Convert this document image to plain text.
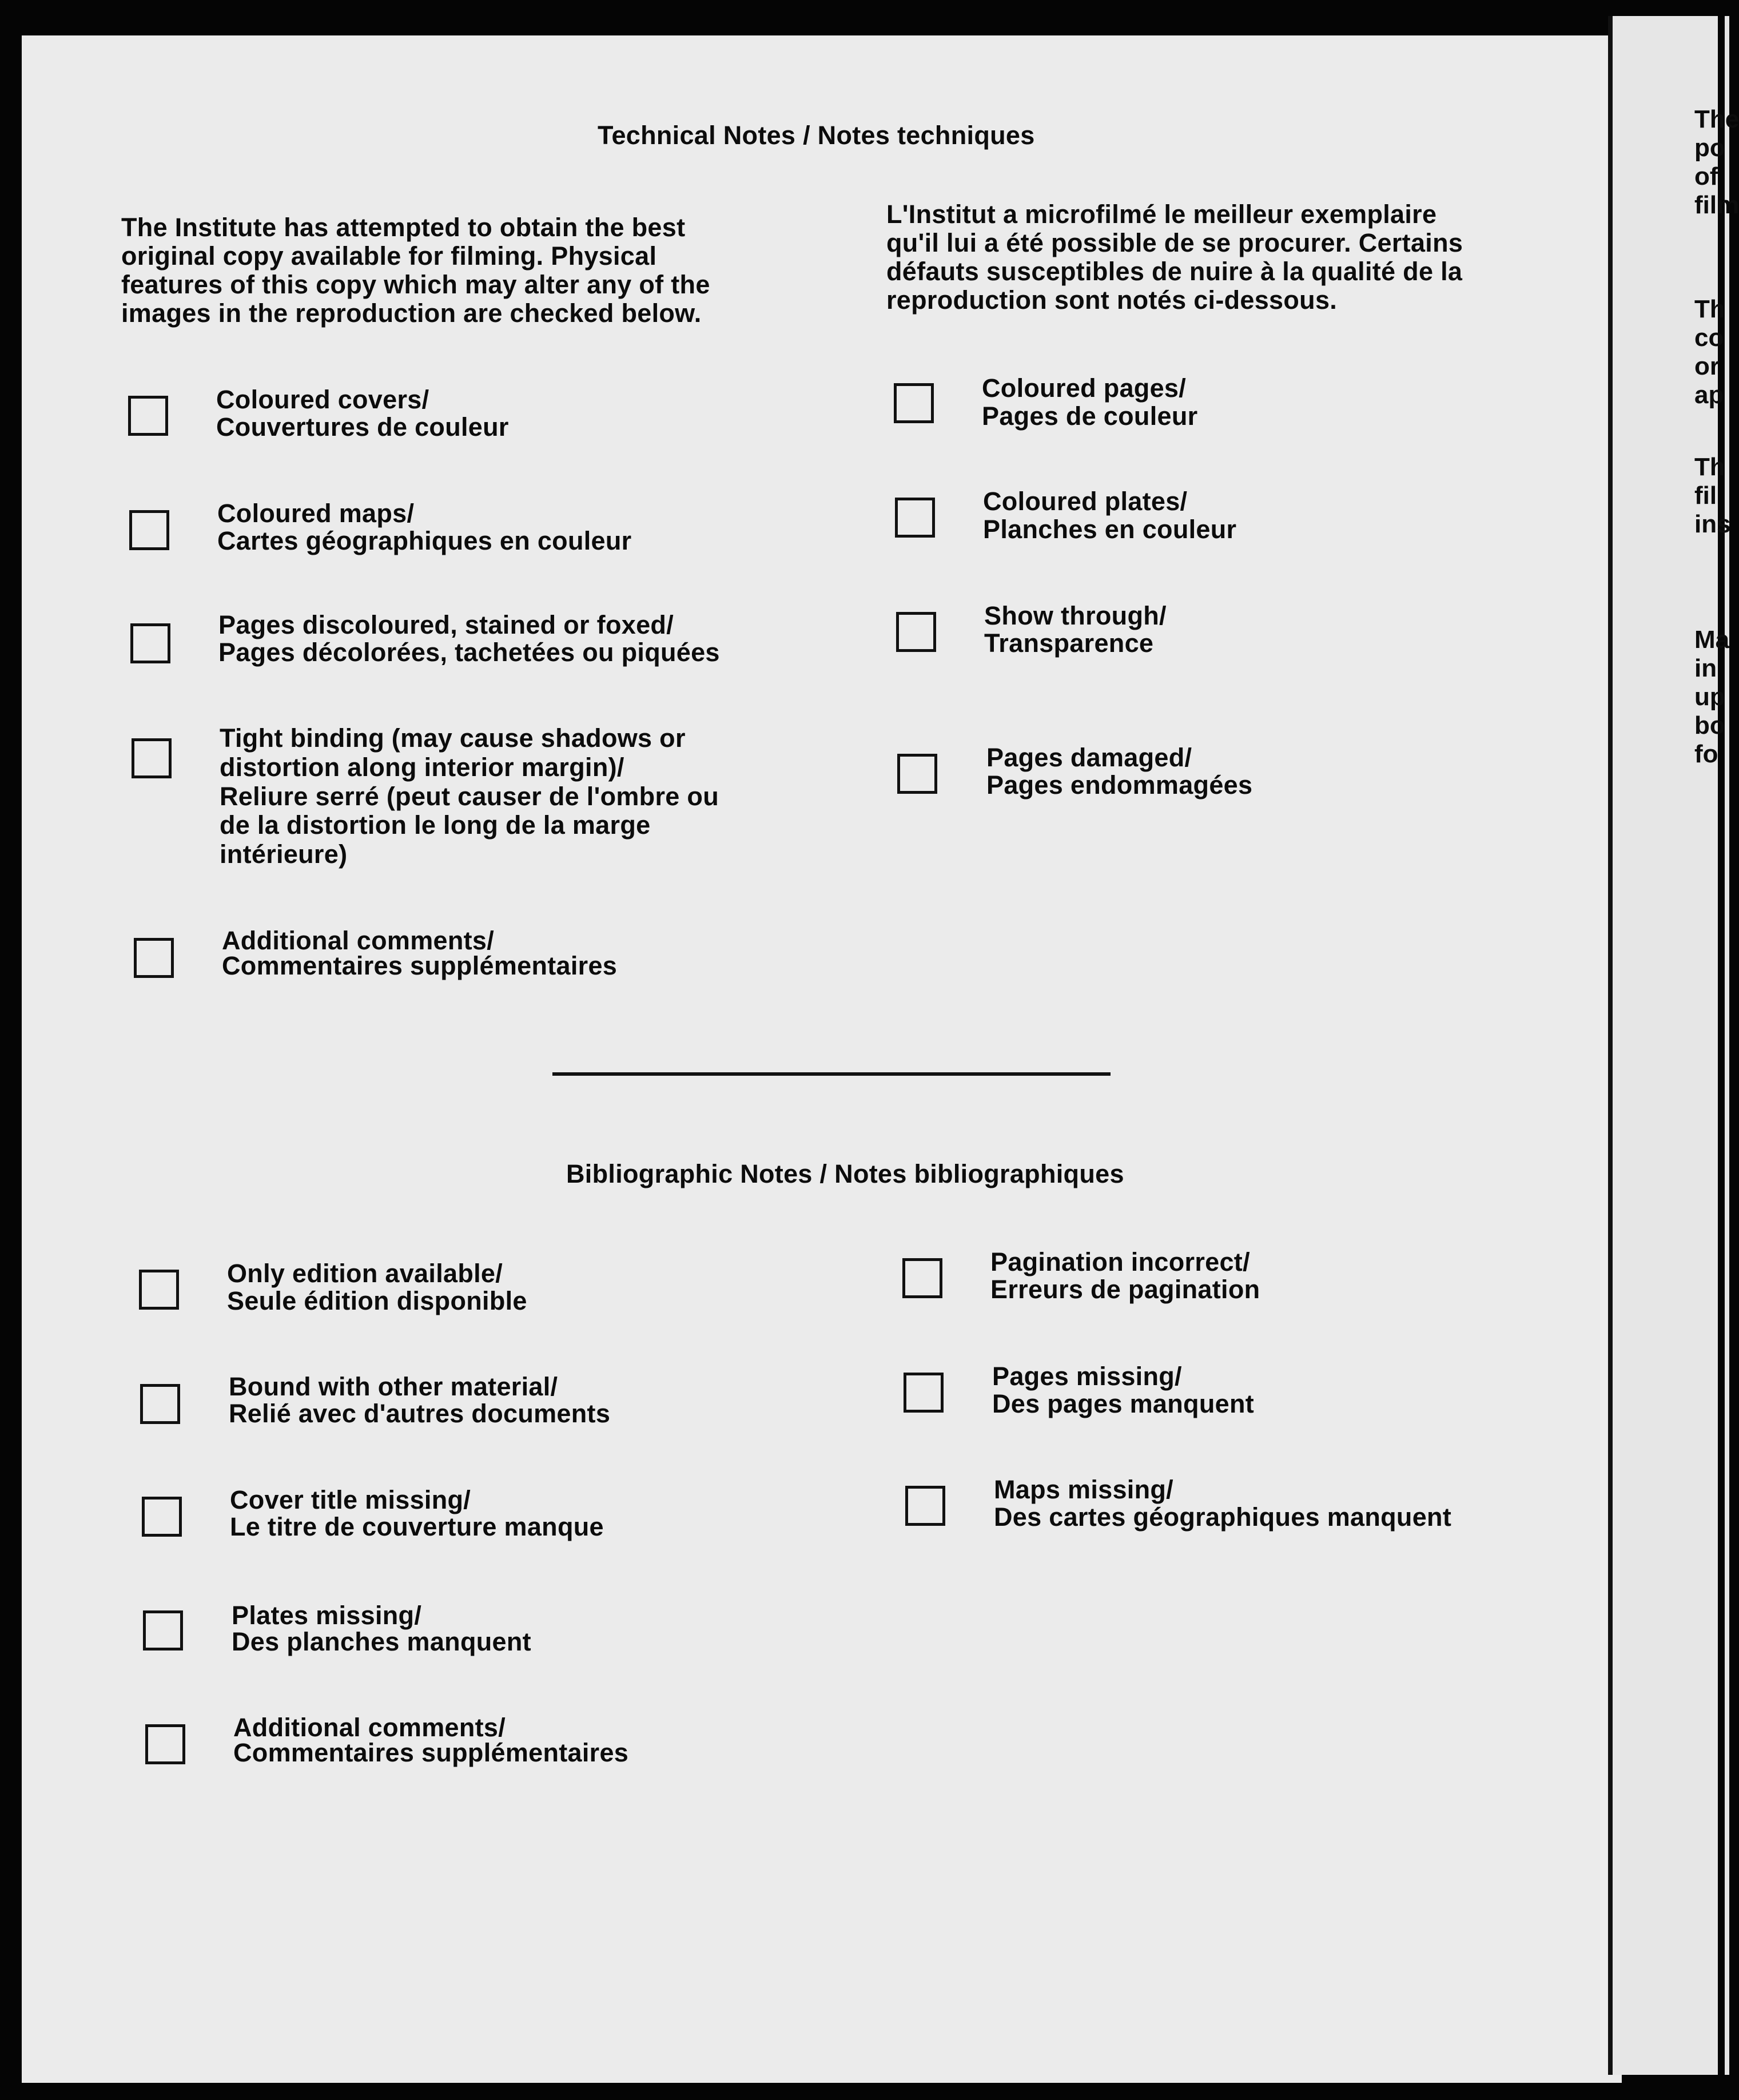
Technical Notes / Notes techniques
The Institute has attempted to obtain the best
original copy available for filming. Physical
features of this copy which may alter any of the
images in the reproduction are checked below.
L'Institut a microfilmé le meilleur exemplaire
qu'il lui a été possible de se procurer. Certains
défauts susceptibles de nuire à la qualité de la
reproduction sont notés ci-dessous.
Coloured covers/
Couvertures de couleur
Coloured maps/
Cartes géographiques en couleur
Pages discoloured, stained or foxed/
Pages décolorées, tachetées ou piquées
Tight binding (may cause shadows or
distortion along interior margin)/
Reliure serré (peut causer de l'ombre ou
de la distortion le long de la marge
intérieure)
Additional comments/
Commentaires supplémentaires
Coloured pages/
Pages de couleur
Coloured plates/
Planches en couleur
Show through/
Transparence
Pages damaged/
Pages endommagées
Bibliographic Notes / Notes bibliographiques
Only edition available/
Seule édition disponible
Bound with other material/
Relié avec d'autres documents
Cover title missing/
Le titre de couverture manque
Plates missing/
Des planches manquent
Additional comments/
Commentaires supplémentaires
Pagination incorrect/
Erreurs de pagination
Pages missing/
Des pages manquent
Maps missing/
Des cartes géographiques manquent
The
po
of
film
Th
co
or
ap
Th
fil
ins
Ma
in
up
bo
fo
